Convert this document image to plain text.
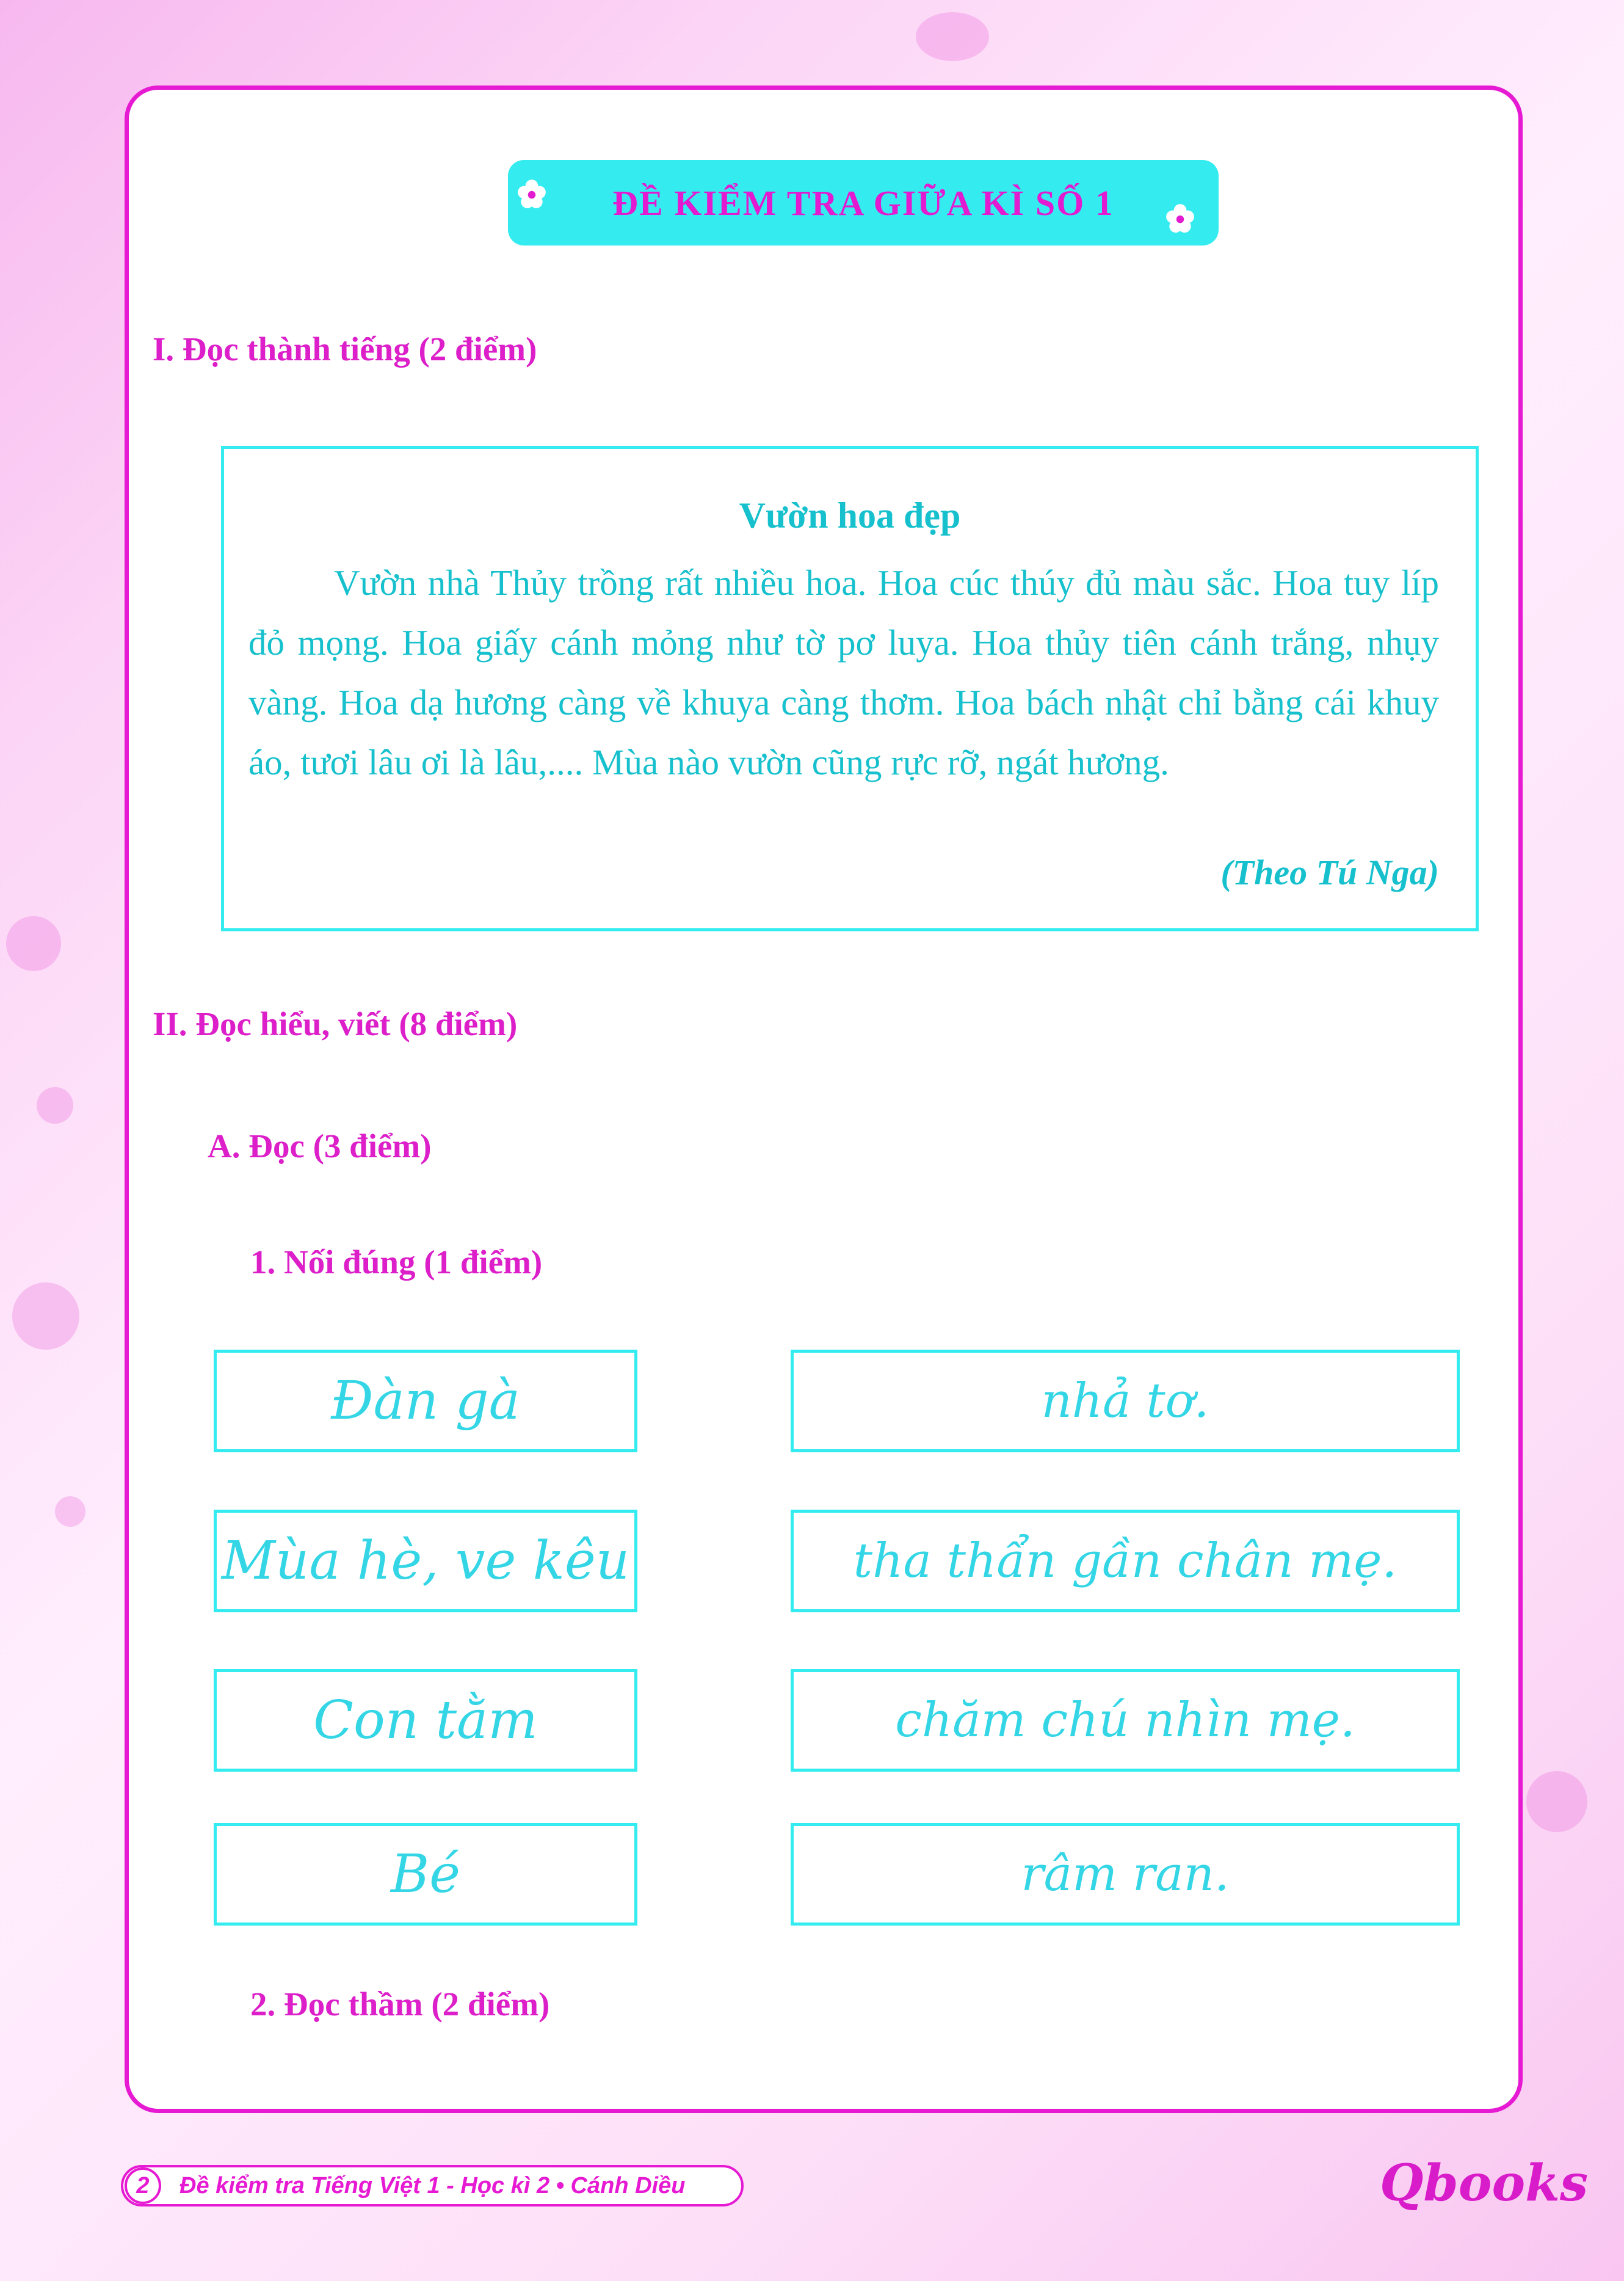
ĐỀ KIỂM TRA GIỮA KÌ SỐ 1
I. Đọc thành tiếng (2 điểm)
Vườn hoa đẹp
Vườn nhà Thủy trồng rất nhiều hoa. Hoa cúc thúy đủ màu sắc. Hoa tuy líp đỏ mọng. Hoa giấy cánh mỏng như tờ pơ luya. Hoa thủy tiên cánh trắng, nhụy vàng. Hoa dạ hương càng về khuya càng thơm. Hoa bách nhật chỉ bằng cái khuy áo, tươi lâu ơi là lâu,.... Mùa nào vườn cũng rực rỡ, ngát hương.
(Theo Tú Nga)
II. Đọc hiểu, viết (8 điểm)
A. Đọc (3 điểm)
1. Nối đúng (1 điểm)
Đàn gà
Mùa hè, ve kêu
Con tằm
Bé
nhả tơ.
tha thẩn gần chân mẹ.
chăm chú nhìn mẹ.
râm ran.
2. Đọc thầm (2 điểm)
2	Đề kiểm tra Tiếng Việt 1 - Học kì 2 • Cánh Diều	Qbooks
